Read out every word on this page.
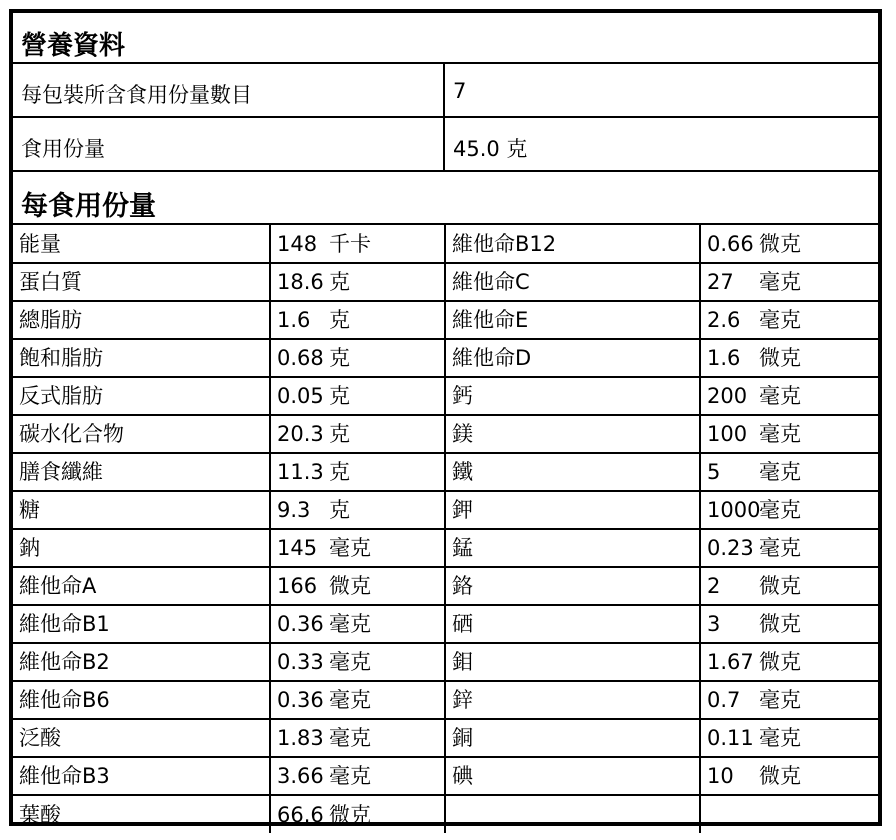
營養資料
每包裝所含食用份量數目	7
食用份量	45.0 克
每食用份量
能量	148 千卡	維他命B12	0.66 微克
蛋白質	18.6 克	維他命C	27 毫克
總脂肪	1.6 克	維他命E	2.6 毫克
飽和脂肪	0.68 克	維他命D	1.6 微克
反式脂肪	0.05 克	鈣	200 毫克
碳水化合物	20.3 克	鎂	100 毫克
膳食纖維	11.3 克	鐵	5 毫克
糖	9.3 克	鉀	1000毫克
鈉	145 毫克	錳	0.23 毫克
維他命A	166 微克	鉻	2 微克
維他命B1	0.36 毫克	硒	3 微克
維他命B2	0.33 毫克	鉬	1.67 微克
維他命B6	0.36 毫克	鋅	0.7 毫克
泛酸	1.83 毫克	銅	0.11 毫克
維他命B3	3.66 毫克	碘	10 微克
葉酸	66.6 微克		
